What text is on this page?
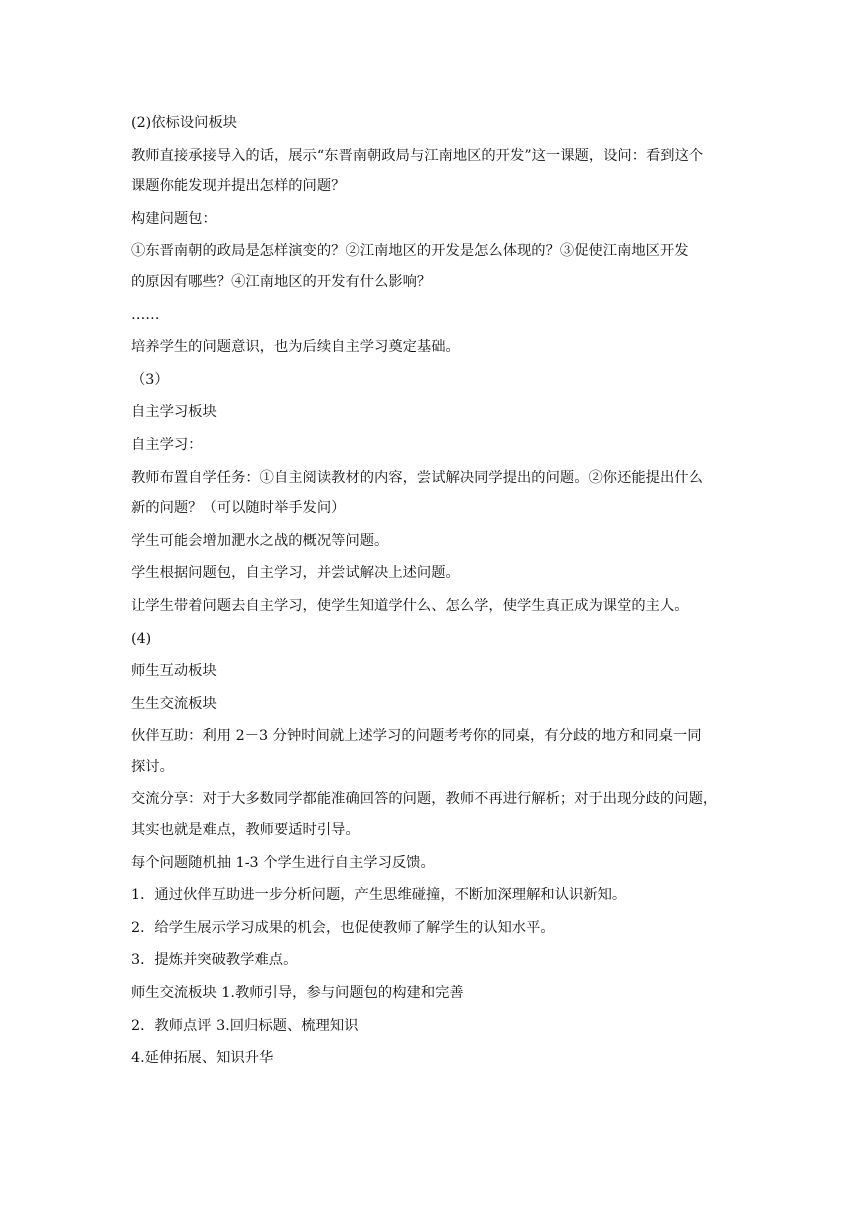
(2)依标设问板块
教师直接承接导入的话，展示“东晋南朝政局与江南地区的开发”这一课题，设问：看到这个
课题你能发现并提出怎样的问题？
构建问题包：
①东晋南朝的政局是怎样演变的？②江南地区的开发是怎么体现的？③促使江南地区开发
的原因有哪些？④江南地区的开发有什么影响？
……
培养学生的问题意识，也为后续自主学习奠定基础。
（3）
自主学习板块
自主学习：
教师布置自学任务：①自主阅读教材的内容，尝试解决同学提出的问题。②你还能提出什么
新的问题？（可以随时举手发问）
学生可能会增加淝水之战的概况等问题。
学生根据问题包，自主学习，并尝试解决上述问题。
让学生带着问题去自主学习，使学生知道学什么、怎么学，使学生真正成为课堂的主人。
(4)
师生互动板块
生生交流板块
伙伴互助：利用 2－3 分钟时间就上述学习的问题考考你的同桌，有分歧的地方和同桌一同
探讨。
交流分享：对于大多数同学都能准确回答的问题，教师不再进行解析；对于出现分歧的问题，
其实也就是难点，教师要适时引导。
每个问题随机抽 1-3 个学生进行自主学习反馈。
1．通过伙伴互助进一步分析问题，产生思维碰撞，不断加深理解和认识新知。
2．给学生展示学习成果的机会，也促使教师了解学生的认知水平。
3．提炼并突破教学难点。
师生交流板块 1.教师引导，参与问题包的构建和完善
2．教师点评 3.回归标题、梳理知识
4.延伸拓展、知识升华
